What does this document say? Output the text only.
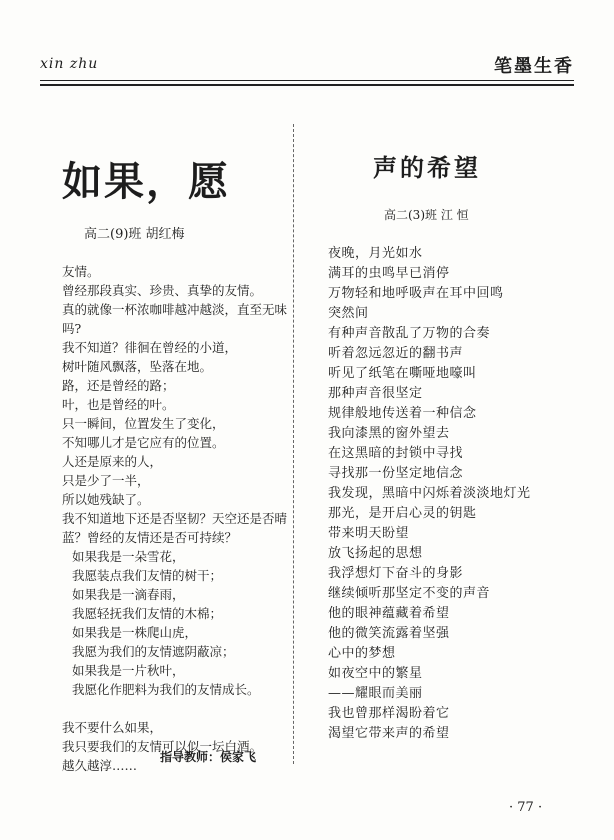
xin zhu	笔墨生香
如果，愿
高二(9)班 胡红梅
友情。
曾经那段真实、珍贵、真挚的友情。
真的就像一杯浓咖啡越冲越淡，直至无味吗?
我不知道？徘徊在曾经的小道，
树叶随风飘落，坠落在地。
路，还是曾经的路；
叶，也是曾经的叶。
只一瞬间，位置发生了变化，
不知哪儿才是它应有的位置。
人还是原来的人，
只是少了一半，
所以她残缺了。
我不知道地下还是否坚韧？天空还是否晴蓝？曾经的友情还是否可持续？
如果我是一朵雪花，
我愿装点我们友情的树干；
如果我是一滴春雨，
我愿轻抚我们友情的木棉；
如果我是一株爬山虎，
我愿为我们的友情遮阴蔽凉；
如果我是一片秋叶，
我愿化作肥料为我们的友情成长。
我不要什么如果，
我只要我们的友情可以似一坛白酒。
越久越淳……
指导教师：侯家飞
声的希望
高二(3)班 江 恒
夜晚，月光如水
满耳的虫鸣早已消停
万物轻和地呼吸声在耳中回鸣
突然间
有种声音散乱了万物的合奏
听着忽远忽近的翻书声
听见了纸笔在嘶哑地嚎叫
那种声音很坚定
规律般地传送着一种信念
我向漆黑的窗外望去
在这黑暗的封锁中寻找
寻找那一份坚定地信念
我发现，黑暗中闪烁着淡淡地灯光
那光，是开启心灵的钥匙
带来明天盼望
放飞扬起的思想
我浮想灯下奋斗的身影
继续倾听那坚定不变的声音
他的眼神蕴藏着希望
他的微笑流露着坚强
心中的梦想
如夜空中的繁星
——耀眼而美丽
我也曾那样渴盼着它
渴望它带来声的希望
· 77 ·
